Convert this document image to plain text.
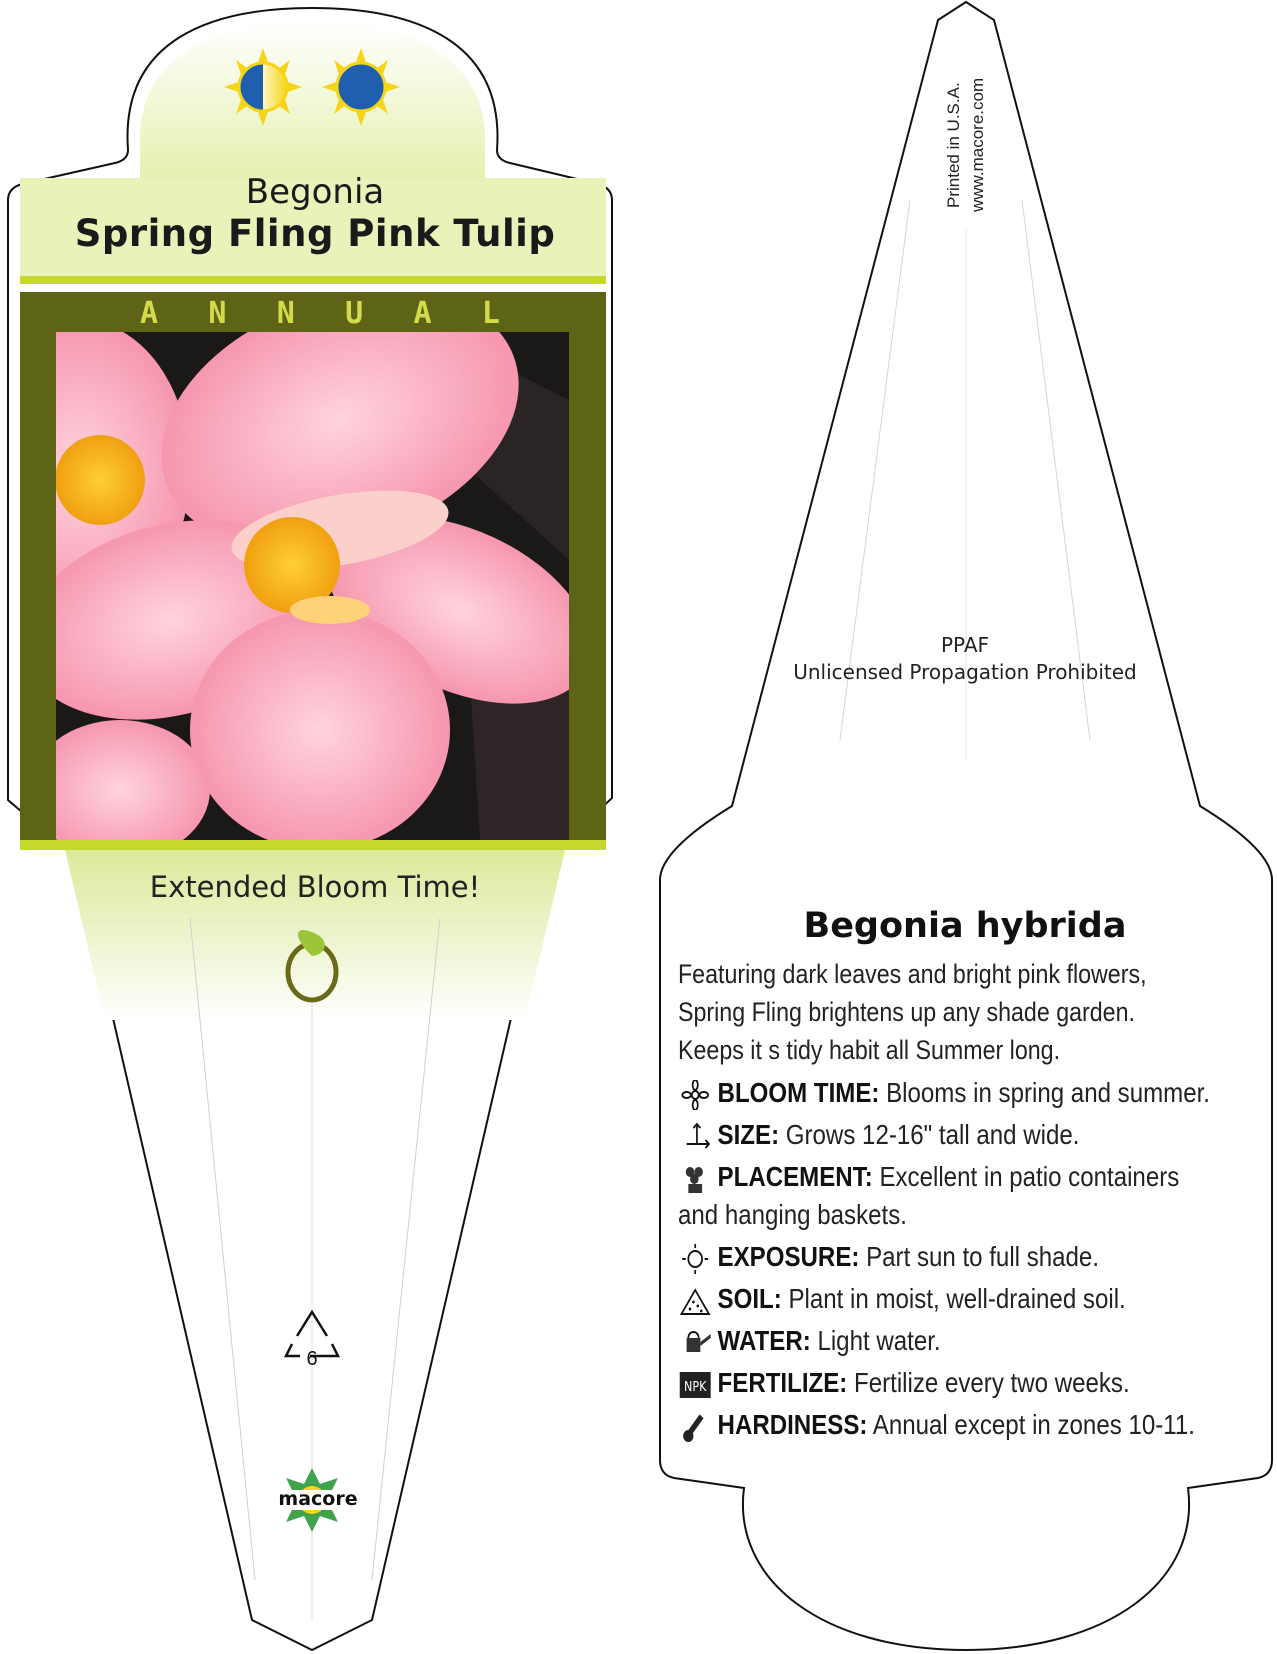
Begonia
Spring Fling Pink Tulip
A N N U A L
Extended Bloom Time!
6
macore
Printed in U.S.A. www.macore.com
PPAF
Unlicensed Propagation Prohibited
Begonia hybrida
Featuring dark leaves and bright pink flowers, Spring Fling brightens up any shade garden. Keeps it s tidy habit all Summer long.
BLOOM TIME: Blooms in spring and summer.
SIZE: Grows 12-16" tall and wide.
PLACEMENT: Excellent in patio containers and hanging baskets.
EXPOSURE: Part sun to full shade.
SOIL: Plant in moist, well-drained soil.
WATER: Light water.
NPK FERTILIZE: Fertilize every two weeks.
HARDINESS: Annual except in zones 10-11.
